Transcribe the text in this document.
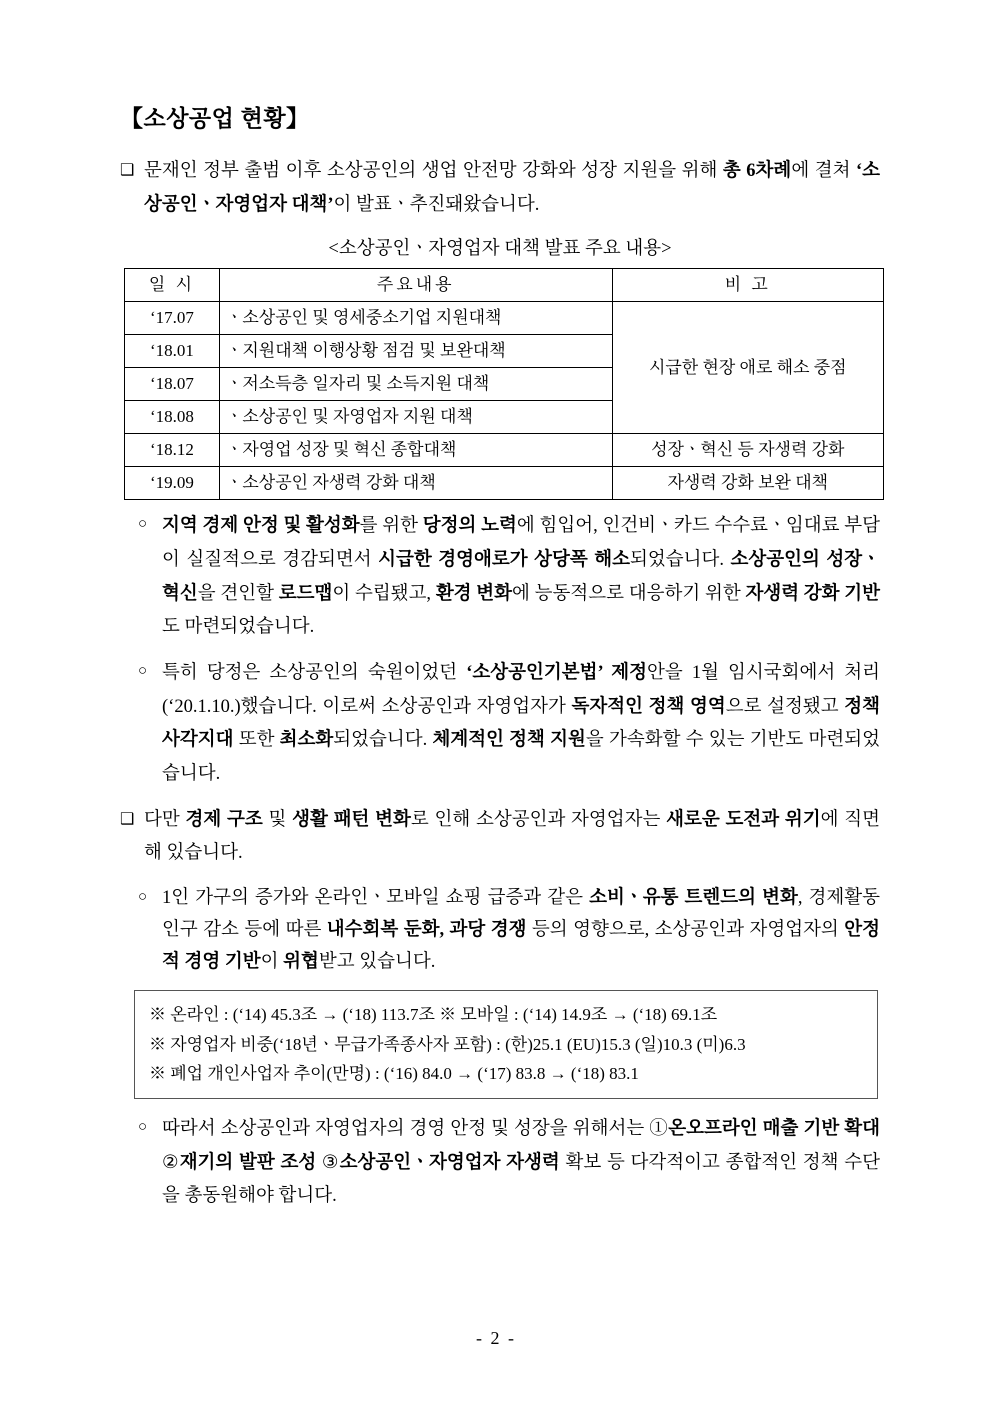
【소상공업 현황】
❑ 문재인 정부 출범 이후 소상공인의 생업 안전망 강화와 성장 지원을 위해 총 6차례에 결쳐 ‘소상공인ㆍ자영업자 대책’이 발표ㆍ추진돼왔습니다.
<소상공인ㆍ자영업자 대책 발표 주요 내용>
일 시	주요내용	비 고
‘17.07	ㆍ소상공인 및 영세중소기업 지원대책	시급한 현장 애로 해소 중점
‘18.01	ㆍ지원대책 이행상황 점검 및 보완대책	
‘18.07	ㆍ저소득층 일자리 및 소득지원 대책	
‘18.08	ㆍ소상공인 및 자영업자 지원 대책	
‘18.12	ㆍ자영업 성장 및 혁신 종합대책	성장ㆍ혁신 등 자생력 강화
‘19.09	ㆍ소상공인 자생력 강화 대책	자생력 강화 보완 대책
○ 지역 경제 안정 및 활성화를 위한 당정의 노력에 힘입어, 인건비ㆍ카드 수수료ㆍ임대료 부담이 실질적으로 경감되면서 시급한 경영애로가 상당폭 해소되었습니다. 소상공인의 성장ㆍ혁신을 견인할 로드맵이 수립됐고, 환경 변화에 능동적으로 대응하기 위한 자생력 강화 기반도 마련되었습니다.
○ 특히 당정은 소상공인의 숙원이었던 ‘소상공인기본법’ 제정안을 1월 임시국회에서 처리(‘20.1.10.)했습니다. 이로써 소상공인과 자영업자가 독자적인 정책 영역으로 설정됐고 정책 사각지대 또한 최소화되었습니다. 체계적인 정책 지원을 가속화할 수 있는 기반도 마련되었습니다.
❑ 다만 경제 구조 및 생활 패턴 변화로 인해 소상공인과 자영업자는 새로운 도전과 위기에 직면해 있습니다.
○ 1인 가구의 증가와 온라인ㆍ모바일 쇼핑 급증과 같은 소비ㆍ유통 트렌드의 변화, 경제활동 인구 감소 등에 따른 내수회복 둔화, 과당 경쟁 등의 영향으로, 소상공인과 자영업자의 안정적 경영 기반이 위협받고 있습니다.
※ 온라인 : (‘14) 45.3조 → (‘18) 113.7조 ※ 모바일 : (‘14) 14.9조 → (‘18) 69.1조
※ 자영업자 비중(‘18년ㆍ무급가족종사자 포함) : (한)25.1 (EU)15.3 (일)10.3 (미)6.3
※ 폐업 개인사업자 추이(만명) : (‘16) 84.0 → (‘17) 83.8 → (‘18) 83.1
○ 따라서 소상공인과 자영업자의 경영 안정 및 성장을 위해서는 ①온오프라인 매출 기반 확대 ②재기의 발판 조성 ③소상공인ㆍ자영업자 자생력 확보 등 다각적이고 종합적인 정책 수단을 총동원해야 합니다.
- 2 -
